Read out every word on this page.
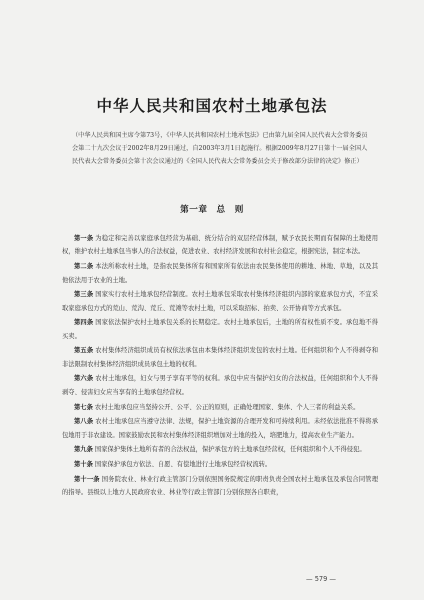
中华人民共和国农村土地承包法
（中华人民共和国主席令第73号，《中华人民共和国农村土地承包法》已由第九届全国人民代表大会常务委员会第二十九次会议于2002年8月29日通过，自2003年3月1日起施行。根据2009年8月27日第十一届全国人民代表大会常务委员会第十次会议通过的《全国人民代表大会常务委员会关于修改部分法律的决定》修正）
第一章　总　则

第一条 为稳定和完善以家庭承包经营为基础、统分结合的双层经营体制，赋予农民长期而有保障的土地使用权，维护农村土地承包当事人的合法权益，促进农业、农村经济发展和农村社会稳定，根据宪法，制定本法。

第二条 本法所称农村土地，是指农民集体所有和国家所有依法由农民集体使用的耕地、林地、草地，以及其他依法用于农业的土地。

第三条 国家实行农村土地承包经营制度。农村土地承包采取农村集体经济组织内部的家庭承包方式，不宜采取家庭承包方式的荒山、荒沟、荒丘、荒滩等农村土地，可以采取招标、拍卖、公开协商等方式承包。

第四条 国家依法保护农村土地承包关系的长期稳定。农村土地承包后，土地的所有权性质不变。承包地不得买卖。

第五条 农村集体经济组织成员有权依法承包由本集体经济组织发包的农村土地。任何组织和个人不得剥夺和非法限制农村集体经济组织成员承包土地的权利。

第六条 农村土地承包，妇女与男子享有平等的权利。承包中应当保护妇女的合法权益，任何组织和个人不得剥夺、侵害妇女应当享有的土地承包经营权。

第七条 农村土地承包应当坚持公开、公平、公正的原则，正确处理国家、集体、个人三者的利益关系。

第八条 农村土地承包应当遵守法律、法规，保护土地资源的合理开发和可持续利用。未经依法批准不得将承包地用于非农建设。国家鼓励农民和农村集体经济组织增加对土地的投入，培肥地力，提高农业生产能力。

第九条 国家保护集体土地所有者的合法权益，保护承包方的土地承包经营权，任何组织和个人不得侵犯。

第十条 国家保护承包方依法、自愿、有偿地进行土地承包经营权流转。

第十一条 国务院农业、林业行政主管部门分别依照国务院规定的职责负责全国农村土地承包及承包合同管理的指导。县级以上地方人民政府农业、林业等行政主管部门分别依照各自职责，

— 579 —
